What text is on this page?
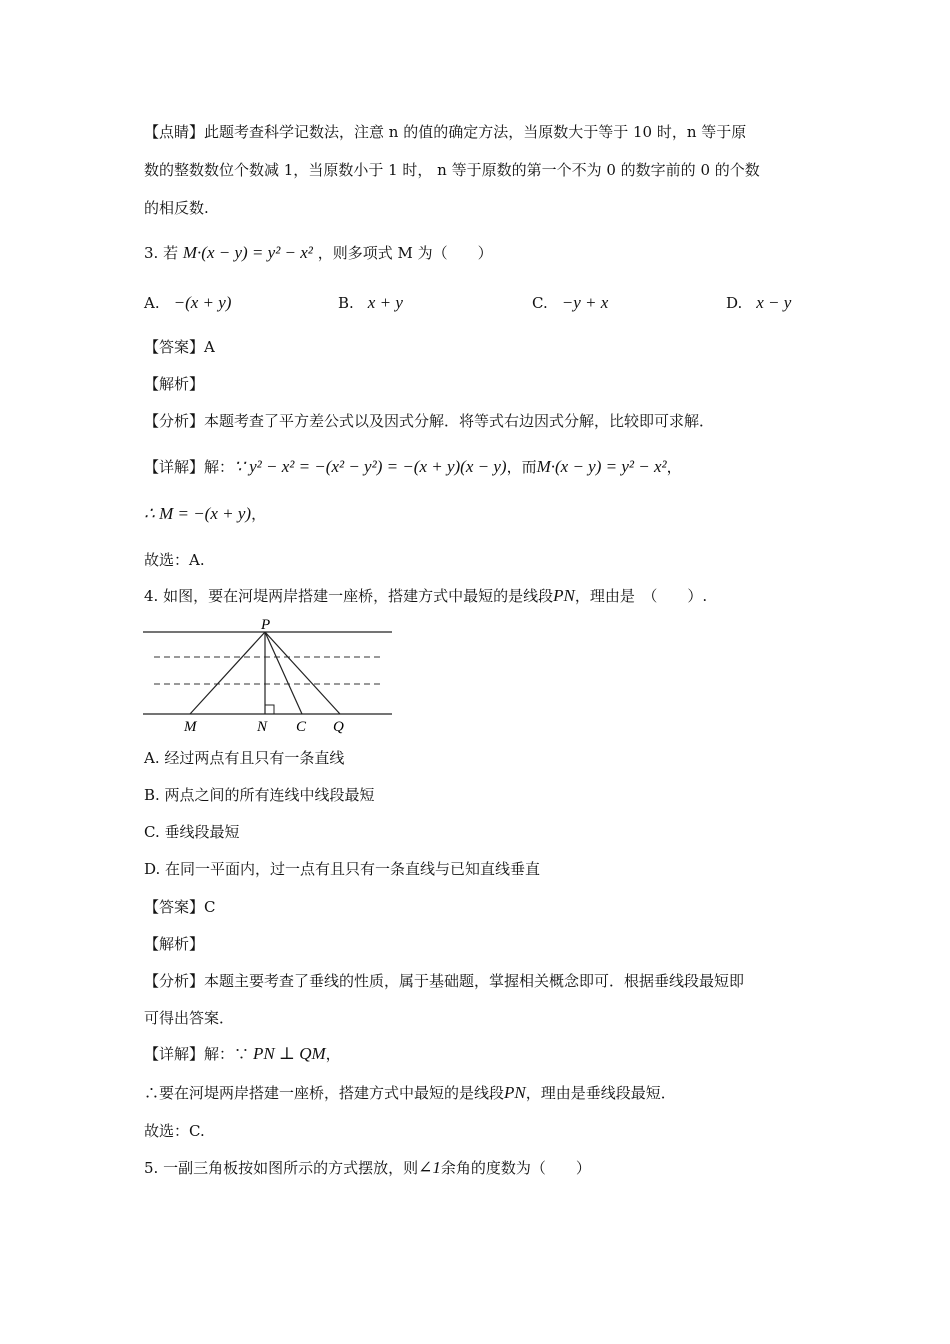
【点睛】此题考查科学记数法，注意 n 的值的确定方法，当原数大于等于 10 时，n 等于原
数的整数数位个数减 1，当原数小于 1 时， n 等于原数的第一个不为 0 的数字前的 0 的个数
的相反数.
3. 若 M·(x − y) = y² − x² ，则多项式 M 为（　　）
A. −(x + y)	B. x + y	C. −y + x	D. x − y
【答案】A
【解析】
【分析】本题考查了平方差公式以及因式分解．将等式右边因式分解，比较即可求解．
【详解】解：∵ y² − x² = −(x² − y²) = −(x + y)(x − y)，而M·(x − y) = y² − x²，
∴ M = −(x + y)，
故选：A.
4. 如图，要在河堤两岸搭建一座桥，搭建方式中最短的是线段PN，理由是　（　　）.
P
M	N C Q
A. 经过两点有且只有一条直线
B. 两点之间的所有连线中线段最短
C. 垂线段最短
D. 在同一平面内，过一点有且只有一条直线与已知直线垂直
【答案】C
【解析】
【分析】本题主要考查了垂线的性质，属于基础题，掌握相关概念即可．根据垂线段最短即
可得出答案．
【详解】解：∵ PN ⊥ QM，
∴要在河堤两岸搭建一座桥，搭建方式中最短的是线段PN，理由是垂线段最短．
故选：C.
5. 一副三角板按如图所示的方式摆放，则∠1余角的度数为（　　）
